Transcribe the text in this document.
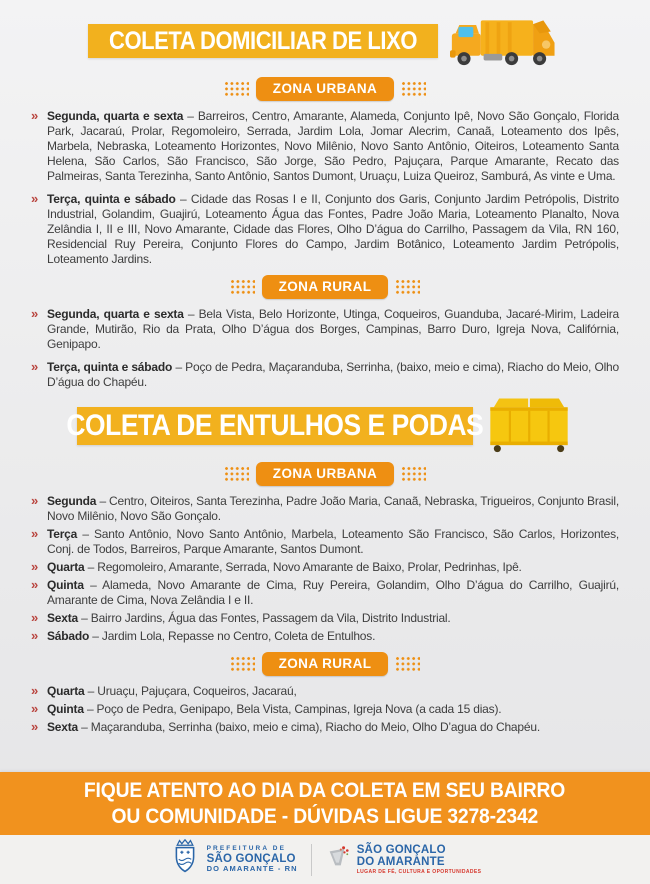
COLETA DOMICILIAR DE LIXO
ZONA URBANA
» Segunda, quarta e sexta – Barreiros, Centro, Amarante, Alameda, Conjunto Ipê, Novo São Gonçalo, Florida Park, Jacaraú, Prolar, Regomoleiro, Serrada, Jardim Lola, Jomar Alecrim, Canaã, Loteamento dos Ipês, Marbela, Nebraska, Loteamento Horizontes, Novo Milênio, Novo Santo Antônio, Oiteiros, Loteamento Santa Helena, São Carlos, São Francisco, São Jorge, São Pedro, Pajuçara, Parque Amarante, Recato das Palmeiras, Santa Terezinha, Santo Antônio, Santos Dumont, Uruaçu, Luiza Queiroz, Samburá, As vinte e Uma.
» Terça, quinta e sábado – Cidade das Rosas I e II, Conjunto dos Garis, Conjunto Jardim Petrópolis, Distrito Industrial, Golandim, Guajirú, Loteamento Água das Fontes, Padre João Maria, Loteamento Planalto, Nova Zelândia I, II e III, Novo Amarante, Cidade das Flores, Olho D’água do Carrilho, Passagem da Vila, RN 160, Residencial Ruy Pereira, Conjunto Flores do Campo, Jardim Botânico, Loteamento Jardim Petrópolis, Loteamento Jardins.
ZONA RURAL
» Segunda, quarta e sexta – Bela Vista, Belo Horizonte, Utinga, Coqueiros, Guanduba, Jacaré-Mirim, Ladeira Grande, Mutirão, Rio da Prata, Olho D’água dos Borges, Campinas, Barro Duro, Igreja Nova, Califórnia, Genipapo.
» Terça, quinta e sábado – Poço de Pedra, Maçaranduba, Serrinha, (baixo, meio e cima), Riacho do Meio, Olho D’água do Chapéu.
COLETA DE ENTULHOS E PODAS
ZONA URBANA
» Segunda – Centro, Oiteiros, Santa Terezinha, Padre João Maria, Canaã, Nebraska, Trigueiros, Conjunto Brasil, Novo Milênio, Novo São Gonçalo.
» Terça – Santo Antônio, Novo Santo Antônio, Marbela, Loteamento São Francisco, São Carlos, Horizontes, Conj. de Todos, Barreiros, Parque Amarante, Santos Dumont.
» Quarta – Regomoleiro, Amarante, Serrada, Novo Amarante de Baixo, Prolar, Pedrinhas, Ipê.
» Quinta – Alameda, Novo Amarante de Cima, Ruy Pereira, Golandim, Olho D’água do Carrilho, Guajirú, Amarante de Cima, Nova Zelândia I e II.
» Sexta – Bairro Jardins, Água das Fontes, Passagem da Vila, Distrito Industrial.
» Sábado – Jardim Lola, Repasse no Centro, Coleta de Entulhos.
ZONA RURAL
» Quarta – Uruaçu, Pajuçara, Coqueiros, Jacaraú,
» Quinta – Poço de Pedra, Genipapo, Bela Vista, Campinas, Igreja Nova (a cada 15 dias).
» Sexta – Maçaranduba, Serrinha (baixo, meio e cima), Riacho do Meio, Olho D’agua do Chapéu.
FIQUE ATENTO AO DIA DA COLETA EM SEU BAIRRO
OU COMUNIDADE - DÚVIDAS LIGUE 3278-2342
PREFEITURA DE
SÃO GONÇALO
DO AMARANTE - RN
SÃO GONÇALO
DO AMARANTE
LUGAR DE FÉ, CULTURA E OPORTUNIDADES
